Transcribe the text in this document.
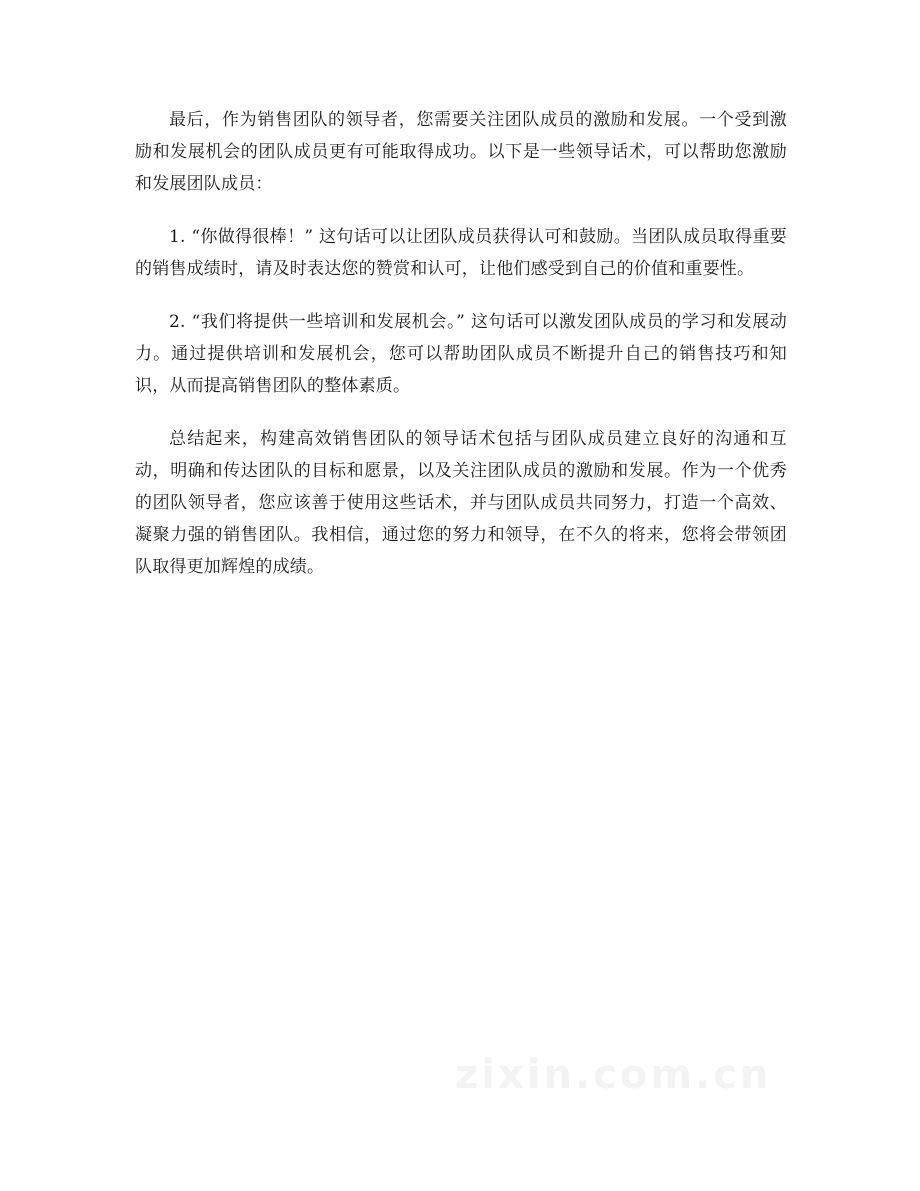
最后，作为销售团队的领导者，您需要关注团队成员的激励和发展。一个受到激励和发展机会的团队成员更有可能取得成功。以下是一些领导话术，可以帮助您激励和发展团队成员：

1. “你做得很棒！” 这句话可以让团队成员获得认可和鼓励。当团队成员取得重要的销售成绩时，请及时表达您的赞赏和认可，让他们感受到自己的价值和重要性。

2. “我们将提供一些培训和发展机会。” 这句话可以激发团队成员的学习和发展动力。通过提供培训和发展机会，您可以帮助团队成员不断提升自己的销售技巧和知识，从而提高销售团队的整体素质。

总结起来，构建高效销售团队的领导话术包括与团队成员建立良好的沟通和互动，明确和传达团队的目标和愿景，以及关注团队成员的激励和发展。作为一个优秀的团队领导者，您应该善于使用这些话术，并与团队成员共同努力，打造一个高效、凝聚力强的销售团队。我相信，通过您的努力和领导，在不久的将来，您将会带领团队取得更加辉煌的成绩。

zixin.com.cn
